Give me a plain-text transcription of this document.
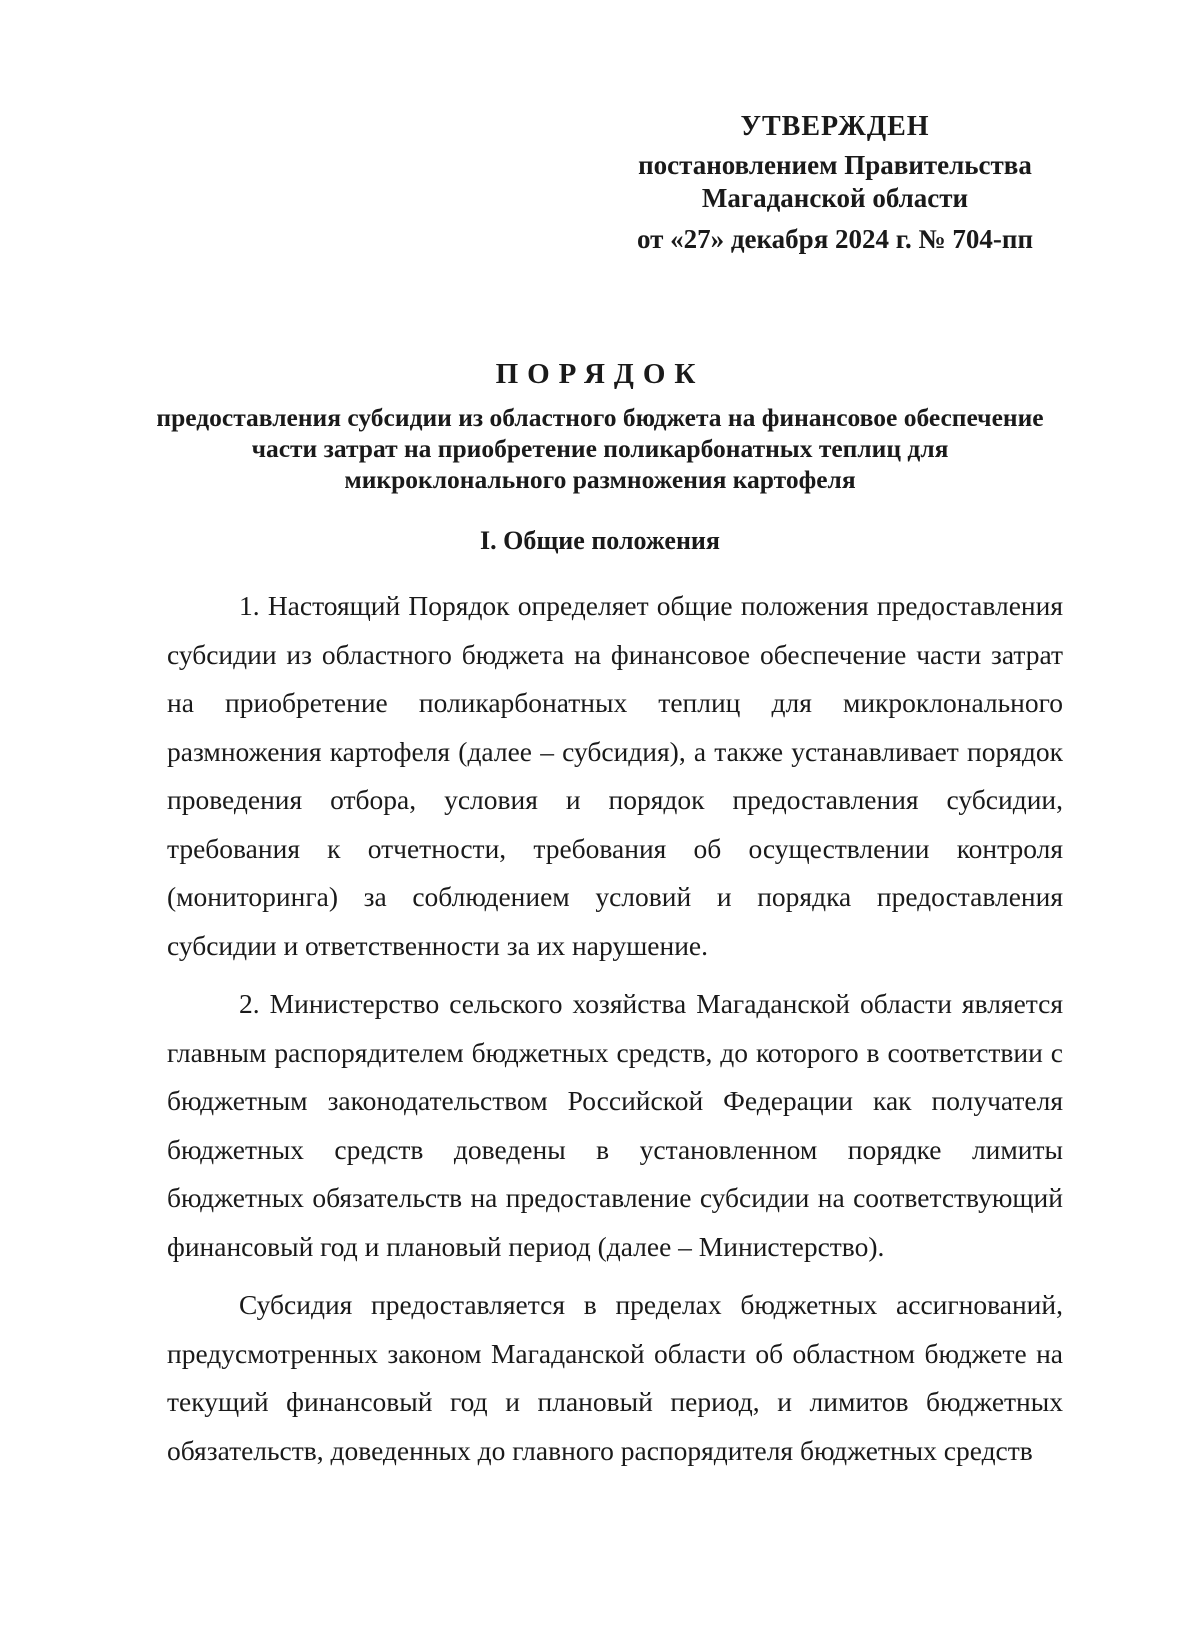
УТВЕРЖДЕН
постановлением Правительства
Магаданской области
от «27» декабря 2024 г. № 704-пп
ПОРЯДОК
предоставления субсидии из областного бюджета на финансовое обеспечение части затрат на приобретение поликарбонатных теплиц для микроклонального размножения картофеля
I. Общие положения

1. Настоящий Порядок определяет общие положения предоставления субсидии из областного бюджета на финансовое обеспечение части затрат на приобретение поликарбонатных теплиц для микроклонального размножения картофеля (далее – субсидия), а также устанавливает порядок проведения отбора, условия и порядок предоставления субсидии, требования к отчетности, требования об осуществлении контроля (мониторинга) за соблюдением условий и порядка предоставления субсидии и ответственности за их нарушение.

2. Министерство сельского хозяйства Магаданской области является главным распорядителем бюджетных средств, до которого в соответствии с бюджетным законодательством Российской Федерации как получателя бюджетных средств доведены в установленном порядке лимиты бюджетных обязательств на предоставление субсидии на соответствующий финансовый год и плановый период (далее – Министерство).

Субсидия предоставляется в пределах бюджетных ассигнований, предусмотренных законом Магаданской области об областном бюджете на текущий финансовый год и плановый период, и лимитов бюджетных обязательств, доведенных до главного распорядителя бюджетных средств
